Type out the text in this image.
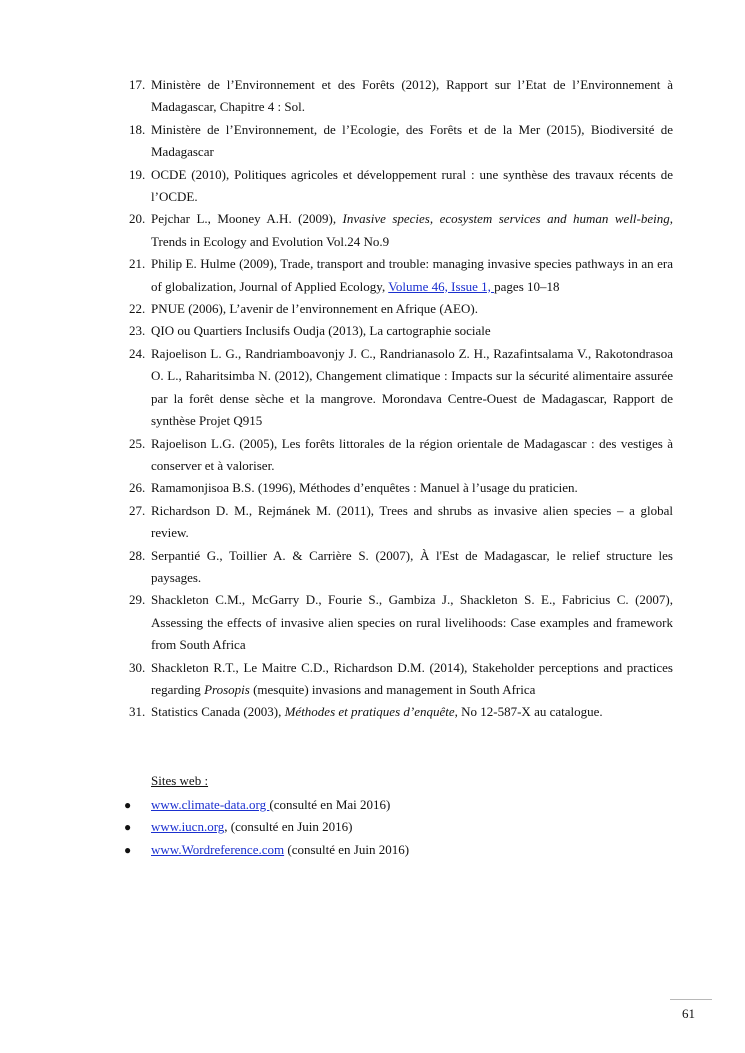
17. Ministère de l’Environnement et des Forêts (2012), Rapport sur l’Etat de l’Environnement à Madagascar, Chapitre 4 : Sol.
18. Ministère de l’Environnement, de l’Ecologie, des Forêts et de la Mer (2015), Biodiversité de Madagascar
19. OCDE (2010), Politiques agricoles et développement rural : une synthèse des travaux récents de l’OCDE.
20. Pejchar L., Mooney A.H. (2009), Invasive species, ecosystem services and human well-being, Trends in Ecology and Evolution Vol.24 No.9
21. Philip E. Hulme (2009), Trade, transport and trouble: managing invasive species pathways in an era of globalization, Journal of Applied Ecology, Volume 46, Issue 1, pages 10–18
22. PNUE (2006), L’avenir de l’environnement en Afrique (AEO).
23. QIO ou Quartiers Inclusifs Oudja (2013), La cartographie sociale
24. Rajoelison L. G., Randriamboavonjy J. C., Randrianasolo Z. H., Razafintsalama V., Rakotondrasoa O. L., Raharitsimba N. (2012), Changement climatique : Impacts sur la sécurité alimentaire assurée par la forêt dense sèche et la mangrove. Morondava Centre-Ouest de Madagascar, Rapport de synthèse Projet Q915
25. Rajoelison L.G. (2005), Les forêts littorales de la région orientale de Madagascar : des vestiges à conserver et à valoriser.
26. Ramamonjisoa B.S. (1996), Méthodes d’enquêtes : Manuel à l’usage du praticien.
27. Richardson D. M., Rejmánek M. (2011), Trees and shrubs as invasive alien species – a global review.
28. Serpantié G., Toillier A. & Carrière S. (2007), À l'Est de Madagascar, le relief structure les paysages.
29. Shackleton C.M., McGarry D., Fourie S., Gambiza J., Shackleton S. E., Fabricius C. (2007), Assessing the effects of invasive alien species on rural livelihoods: Case examples and framework from South Africa
30. Shackleton R.T., Le Maitre C.D., Richardson D.M. (2014), Stakeholder perceptions and practices regarding Prosopis (mesquite) invasions and management in South Africa
31. Statistics Canada (2003), Méthodes et pratiques d’enquête, No 12-587-X au catalogue.
Sites web :
● www.climate-data.org (consulté en Mai 2016)
● www.iucn.org, (consulté en Juin 2016)
● www.Wordreference.com (consulté en Juin 2016)
61
